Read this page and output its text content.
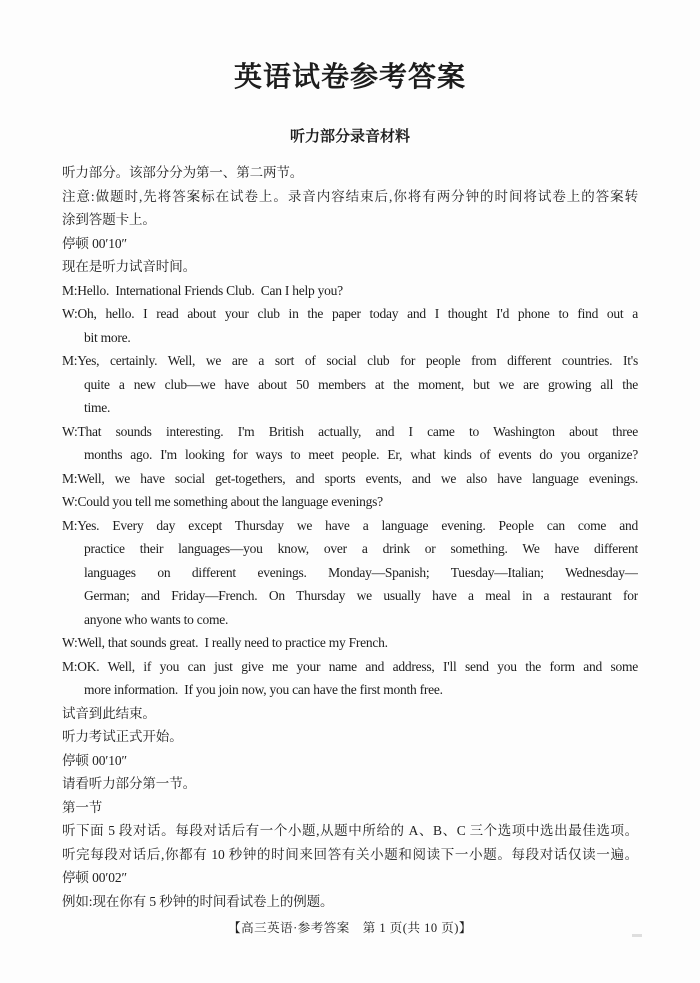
英语试卷参考答案
听力部分录音材料
听力部分。该部分分为第一、第二两节。
注意:做题时,先将答案标在试卷上。录音内容结束后,你将有两分钟的时间将试卷上的答案转
涂到答题卡上。
停顿 00′10″
现在是听力试音时间。
M:Hello.  International Friends Club.  Can I help you?
W:Oh, hello. I read about your club in the paper today and I thought I'd phone to find out a
bit more.
M:Yes, certainly. Well, we are a sort of social club for people from different countries. It's
quite a new club—we have about 50 members at the moment, but we are growing all the
time.
W:That sounds interesting. I'm British actually, and I came to Washington about three
months ago. I'm looking for ways to meet people. Er, what kinds of events do you organize?
M:Well, we have social get-togethers, and sports events, and we also have language evenings.
W:Could you tell me something about the language evenings?
M:Yes. Every day except Thursday we have a language evening. People can come and
practice their languages—you know, over a drink or something. We have different
languages on different evenings. Monday—Spanish; Tuesday—Italian; Wednesday—
German; and Friday—French. On Thursday we usually have a meal in a restaurant for
anyone who wants to come.
W:Well, that sounds great.  I really need to practice my French.
M:OK. Well, if you can just give me your name and address, I'll send you the form and some
more information.  If you join now, you can have the first month free.
试音到此结束。
听力考试正式开始。
停顿 00′10″
请看听力部分第一节。
第一节
听下面 5 段对话。每段对话后有一个小题,从题中所给的 A、B、C 三个选项中选出最佳选项。
听完每段对话后,你都有 10 秒钟的时间来回答有关小题和阅读下一小题。每段对话仅读一遍。
停顿 00′02″
例如:现在你有 5 秒钟的时间看试卷上的例题。
【高三英语·参考答案　第 1 页(共 10 页)】
